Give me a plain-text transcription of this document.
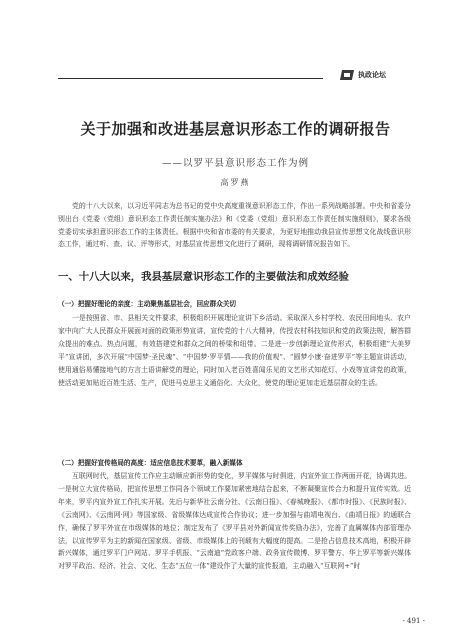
执政论坛
关于加强和改进基层意识形态工作的调研报告
——以罗平县意识形态工作为例
高罗燕

党的十八大以来，以习近平同志为总书记的党中央高度重视意识形态工作，作出一系列战略部署。中央和省委分别出台《党委（党组）意识形态工作责任制实施办法》和《党委（党组）意识形态工作责任制实施细则》，要求各级党委切实承担意识形态工作的主体责任。根据中央和省市委的有关要求，为更好地推动我县宣传思想文化战线意识形态工作，通过听、查、议、评等形式，对基层宣传思想文化进行了调研，现将调研情况报告如下。

一、十八大以来，我县基层意识形态工作的主要做法和成效经验
（一）把握好理论的亲度：主动聚焦基层社会，回应群众关切

一是按照省、市、县相关文件要求，积极组织开展理论宣讲下乡活动。采取深入乡村学校、农民田间地头、农户家中向广大人民群众开展面对面的政策形势宣讲，宣传党的十八大精神，传授农村科技知识和党的政策法规，解答群众提出的难点、热点问题，有效搭建党和群众之间的桥梁和纽带。二是进一步创新理论宣传形式，积极组建“大美罗平”宣讲团，多次开展“中国梦·圣民魂”、“中国梦·罗平情——我的价值观”、“圆梦小康·奋进罗平”等主题宣讲活动，使用通俗易懂接地气的方言土语讲解党的理论，同时加入老百姓喜闻乐见的文艺形式知花灯、小戏等宣讲党的政策，使活动更加贴近百姓生活、生产，促进马克思主义通俗化、大众化，使党的理论更加走近基层群众的生活。

（二）把握好宣传格局的高度：适应信息技术要革，融入新媒体

互联网时代，基层宣传工作应主动顺应新形势的变化，罗平媒体与时俱进，内宣外宣工作两面开花，协调共进。一是树立大宣传格局，把宣传思想工作同各个领域工作要加紧密地结合起来，不断凝聚宣传合力和提升宣传实效。近年来，罗平内宣外宣工作扎实开展。先后与新华社云南分社、《云南日报》、《春城晚报》、《都市时报》、《民族时报》、《云南网》、《云南网·网》等国家级、省级媒体达成宣传合作协议；进一步加强与曲靖电视台、《曲靖日报》的通联合作，确保了罗平外宣在市级媒体的地位；制定发布了《罗平县对外新闻宣传奖励办法》，完善了直属媒体内部管理办法，以宣传罗平为主的新闻在国家级、省级、市级媒体上的刊载有大幅度的提高。二是抢占信息技术高地，积极开辟新兴媒体，通过罗平门户网站、罗平手机报、“云南迪”党政客户端、政务宣传微博、罗平警方、华上罗平等新兴媒体对罗平政治、经济、社会、文化、生态“五位一体”建设作了大量的宣传报道，主动融入“互联网+”时

- 491 -
